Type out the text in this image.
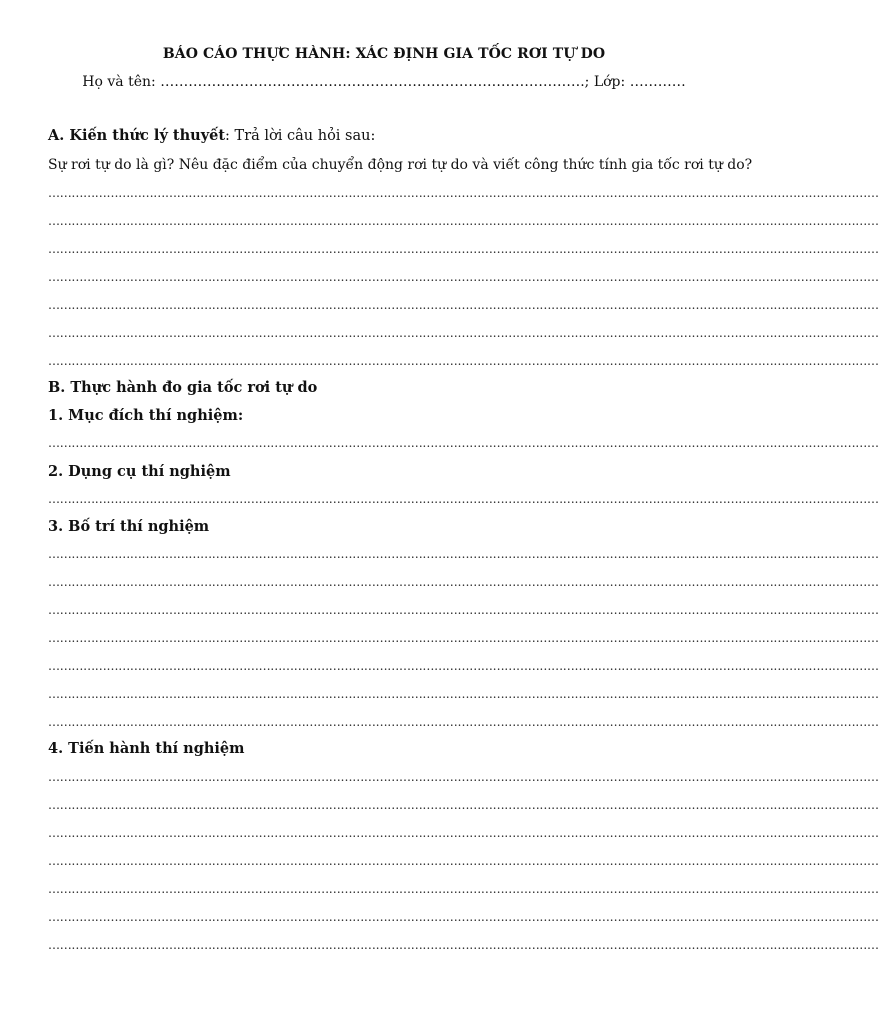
BÁO CÁO THỰC HÀNH: XÁC ĐỊNH GIA TỐC RƠI TỰ DO
Họ và tên: ……………………………………………………………………………….; Lớp: …………
A. Kiến thức lý thuyết: Trả lời câu hỏi sau:
Sự rơi tự do là gì? Nêu đặc điểm của chuyển động rơi tự do và viết công thức tính gia tốc rơi tự do?
……………………………………………………………………………………………………………………………………………………………………………………………
……………………………………………………………………………………………………………………………………………………………………………………………
……………………………………………………………………………………………………………………………………………………………………………………………
……………………………………………………………………………………………………………………………………………………………………………………………
……………………………………………………………………………………………………………………………………………………………………………………………
……………………………………………………………………………………………………………………………………………………………………………………………
……………………………………………………………………………………………………………………………………………………………………………………………
B. Thực hành đo gia tốc rơi tự do
1. Mục đích thí nghiệm:
……………………………………………………………………………………………………………………………………………………………………………………………
2. Dụng cụ thí nghiệm
……………………………………………………………………………………………………………………………………………………………………………………………
3. Bố trí thí nghiệm
……………………………………………………………………………………………………………………………………………………………………………………………
……………………………………………………………………………………………………………………………………………………………………………………………
……………………………………………………………………………………………………………………………………………………………………………………………
……………………………………………………………………………………………………………………………………………………………………………………………
……………………………………………………………………………………………………………………………………………………………………………………………
……………………………………………………………………………………………………………………………………………………………………………………………
……………………………………………………………………………………………………………………………………………………………………………………………
4. Tiến hành thí nghiệm
……………………………………………………………………………………………………………………………………………………………………………………………
……………………………………………………………………………………………………………………………………………………………………………………………
……………………………………………………………………………………………………………………………………………………………………………………………
……………………………………………………………………………………………………………………………………………………………………………………………
……………………………………………………………………………………………………………………………………………………………………………………………
……………………………………………………………………………………………………………………………………………………………………………………………
……………………………………………………………………………………………………………………………………………………………………………………………
